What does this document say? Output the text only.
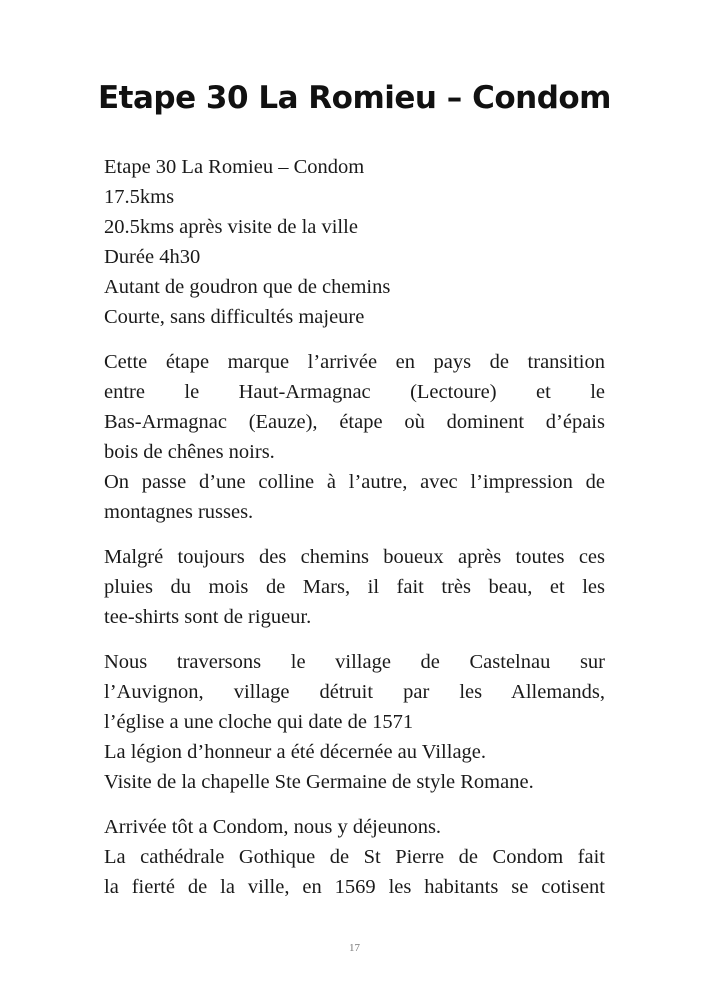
Etape 30 La Romieu – Condom
Etape 30 La Romieu – Condom
17.5kms
20.5kms après visite de la ville
Durée 4h30
Autant de goudron que de chemins
Courte, sans difficultés majeure
Cette étape marque l’arrivée en pays de transition
entre le Haut-Armagnac (Lectoure) et le
Bas-Armagnac (Eauze), étape où dominent d’épais
bois de chênes noirs.
On passe d’une colline à l’autre, avec l’impression de
montagnes russes.
Malgré toujours des chemins boueux après toutes ces
pluies du mois de Mars, il fait très beau, et les
tee-shirts sont de rigueur.
Nous traversons le village de Castelnau sur
l’Auvignon, village détruit par les Allemands,
l’église a une cloche qui date de 1571
La légion d’honneur a été décernée au Village.
Visite de la chapelle Ste Germaine de style Romane.
Arrivée tôt a Condom, nous y déjeunons.
La cathédrale Gothique de St Pierre de Condom fait
la fierté de la ville, en 1569 les habitants se cotisent
17
